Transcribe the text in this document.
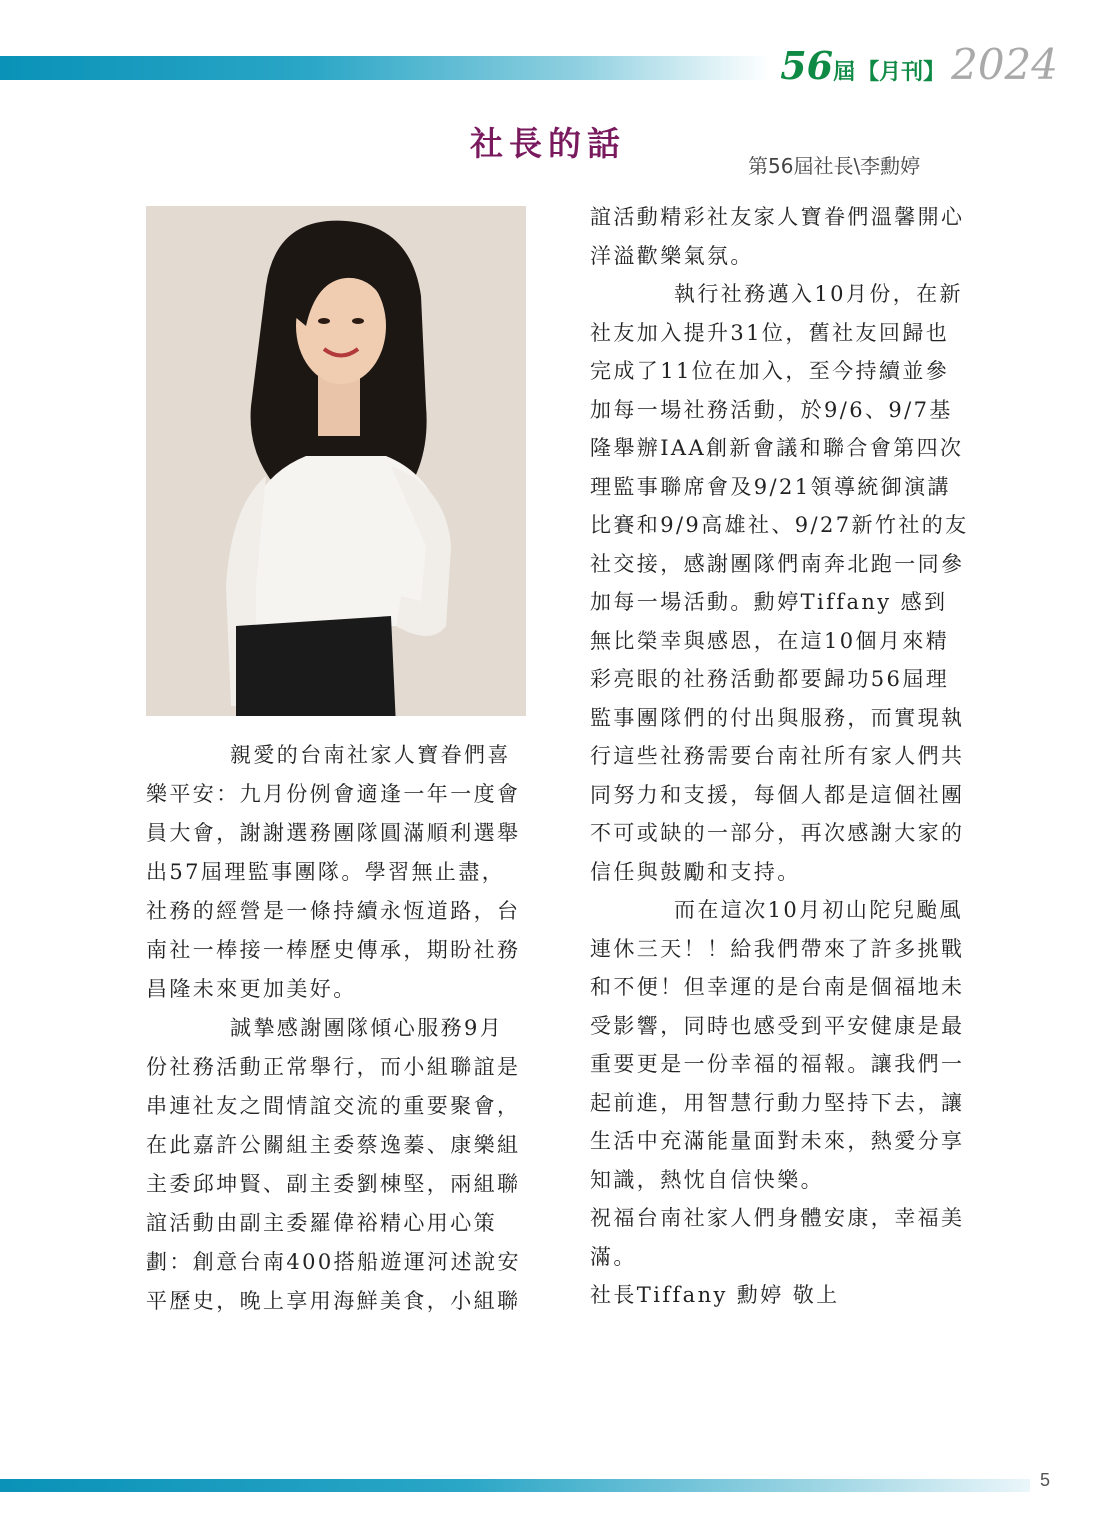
56 屆 【月刊】 2024
社長的話
第56屆社長\李勳婷

親愛的台南社家人寶眷們喜樂平安：九月份例會適逢一年一度會員大會，謝謝選務團隊圓滿順利選舉出57屆理監事團隊。學習無止盡，社務的經營是一條持續永恆道路，台南社一棒接一棒歷史傳承，期盼社務昌隆未來更加美好。

誠摯感謝團隊傾心服務9月份社務活動正常舉行，而小組聯誼是串連社友之間情誼交流的重要聚會，在此嘉許公關組主委蔡逸蓁、康樂組主委邱坤賢、副主委劉棟堅，兩組聯誼活動由副主委羅偉裕精心用心策劃：創意台南400搭船遊運河述說安平歷史，晚上享用海鮮美食，小組聯

誼活動精彩社友家人寶眷們溫馨開心洋溢歡樂氣氛。

執行社務邁入10月份，在新社友加入提升31位，舊社友回歸也完成了11位在加入，至今持續並參加每一場社務活動，於9/6、9/7基隆舉辦IAA創新會議和聯合會第四次理監事聯席會及9/21領導統御演講比賽和9/9高雄社、9/27新竹社的友社交接，感謝團隊們南奔北跑一同參加每一場活動。勳婷Tiffany 感到無比榮幸與感恩，在這10個月來精彩亮眼的社務活動都要歸功56屆理監事團隊們的付出與服務，而實現執行這些社務需要台南社所有家人們共同努力和支援，每個人都是這個社團不可或缺的一部分，再次感謝大家的信任與鼓勵和支持。

而在這次10月初山陀兒颱風連休三天！！給我們帶來了許多挑戰和不便！但幸運的是台南是個福地未受影響，同時也感受到平安健康是最重要更是一份幸福的福報。讓我們一起前進，用智慧行動力堅持下去，讓生活中充滿能量面對未來，熱愛分享知識，熱忱自信快樂。

祝福台南社家人們身體安康，幸福美滿。

社長Tiffany 勳婷 敬上

5
